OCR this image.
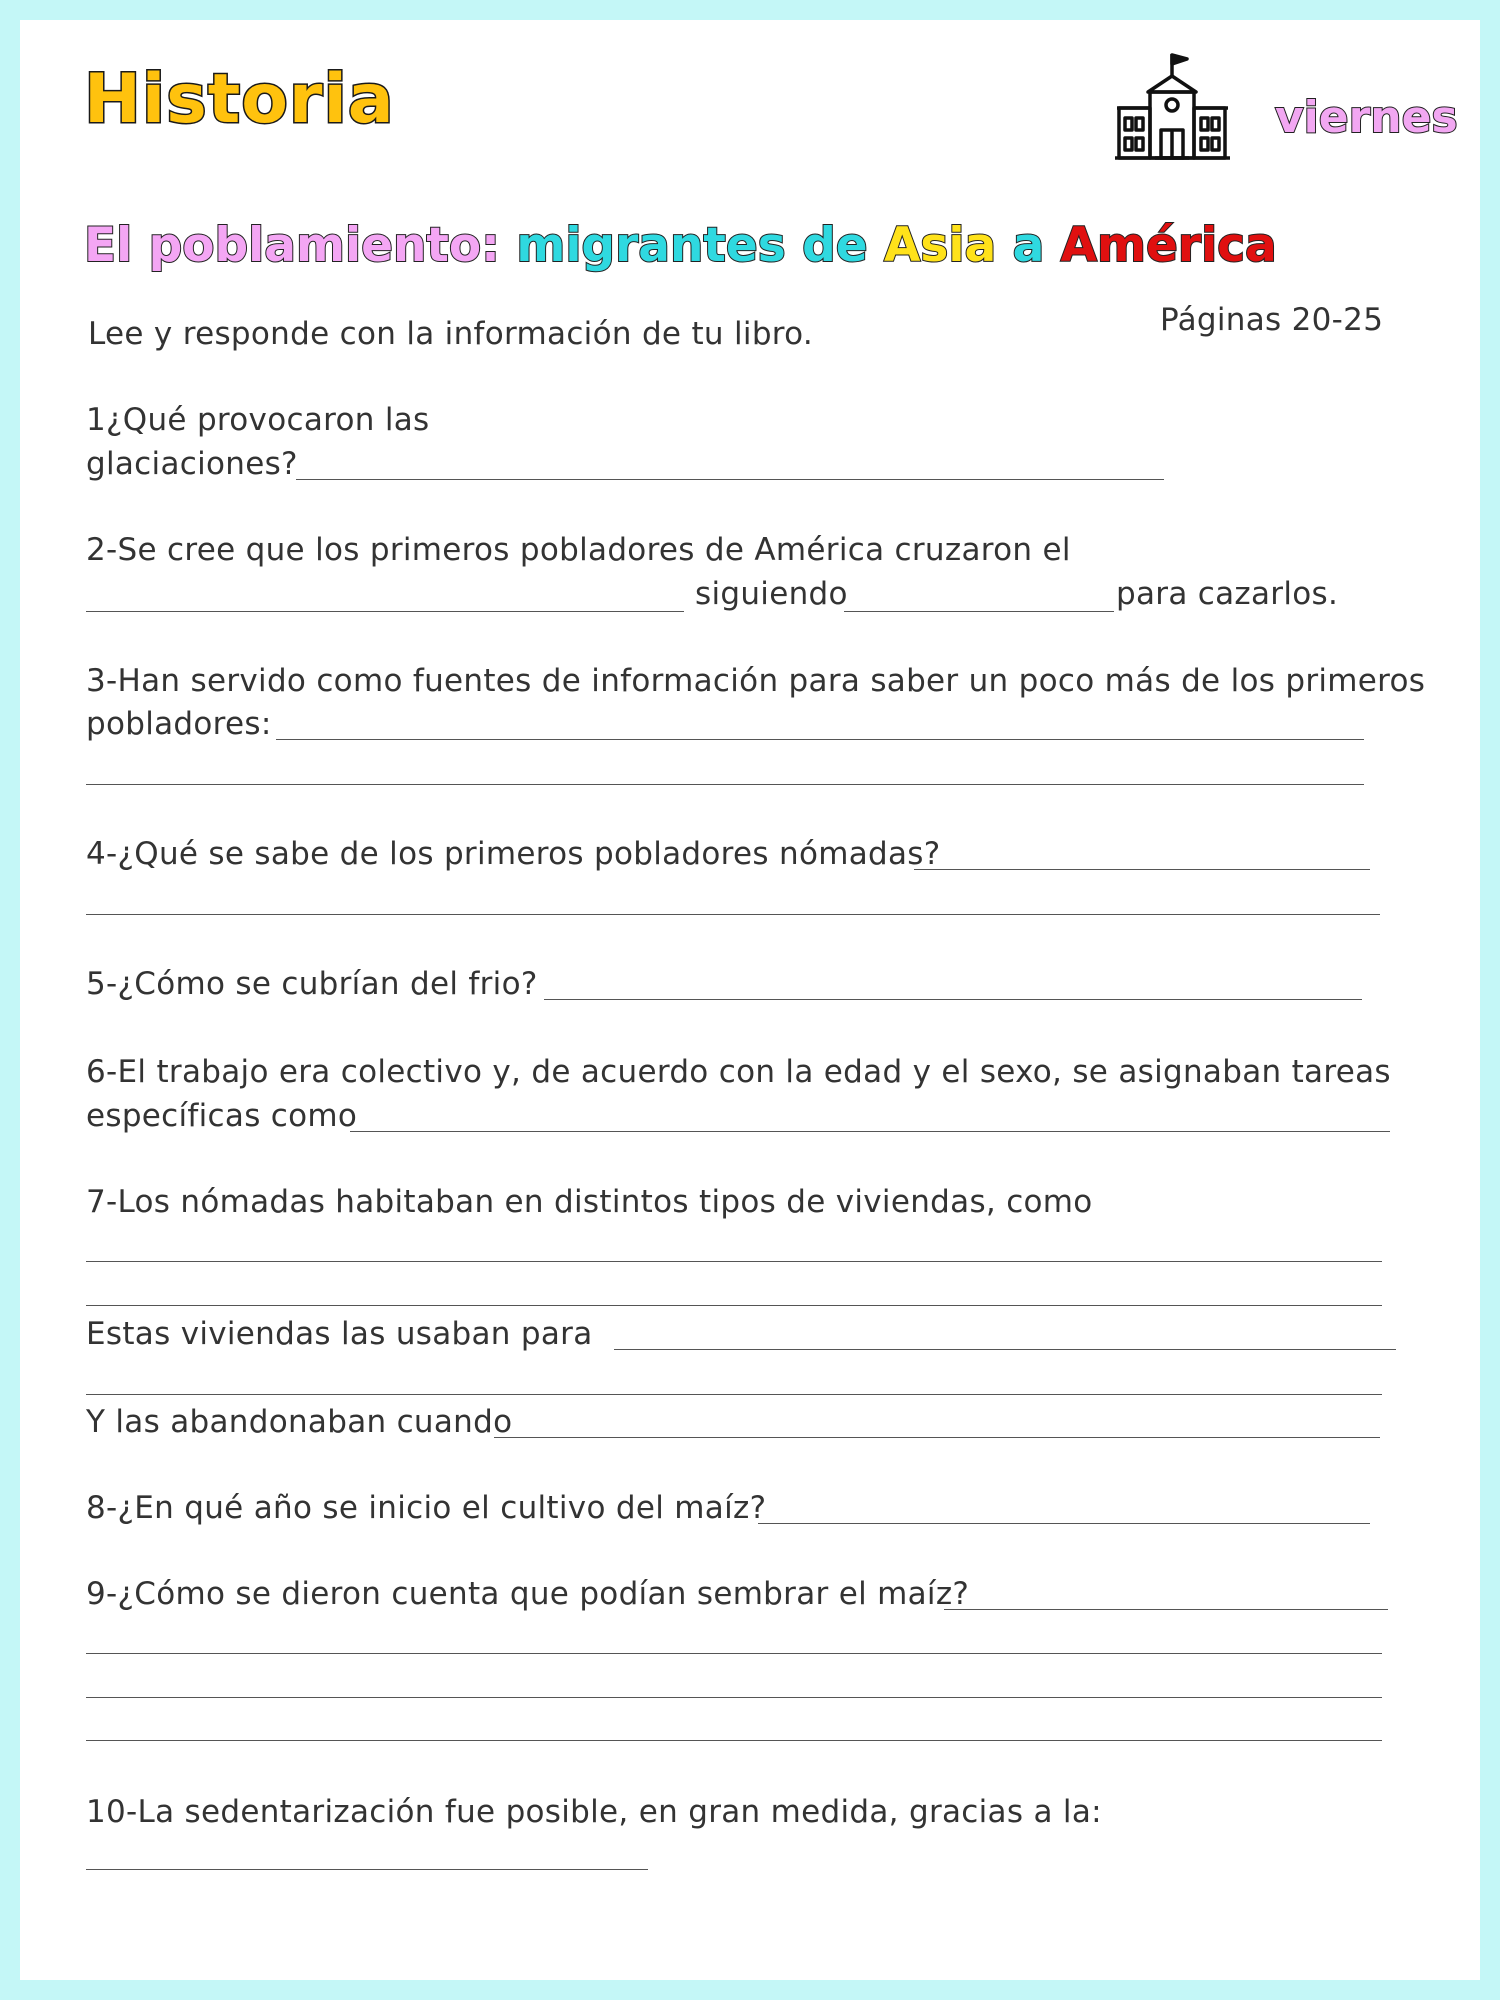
Historia	viernes
El poblamiento: migrantes de Asia a América
Páginas 20-25
Lee y responde con la información de tu libro.
1¿Qué provocaron las
glaciaciones?
2-Se cree que los primeros pobladores de América cruzaron el
siguiendo	para cazarlos.
3-Han servido como fuentes de información para saber un poco más de los primeros
pobladores:
4-¿Qué se sabe de los primeros pobladores nómadas?
5-¿Cómo se cubrían del frio?
6-El trabajo era colectivo y, de acuerdo con la edad y el sexo, se asignaban tareas
específicas como
7-Los nómadas habitaban en distintos tipos de viviendas, como
Estas viviendas las usaban para
Y las abandonaban cuando
8-¿En qué año se inicio el cultivo del maíz?
9-¿Cómo se dieron cuenta que podían sembrar el maíz?
10-La sedentarización fue posible, en gran medida, gracias a la:
